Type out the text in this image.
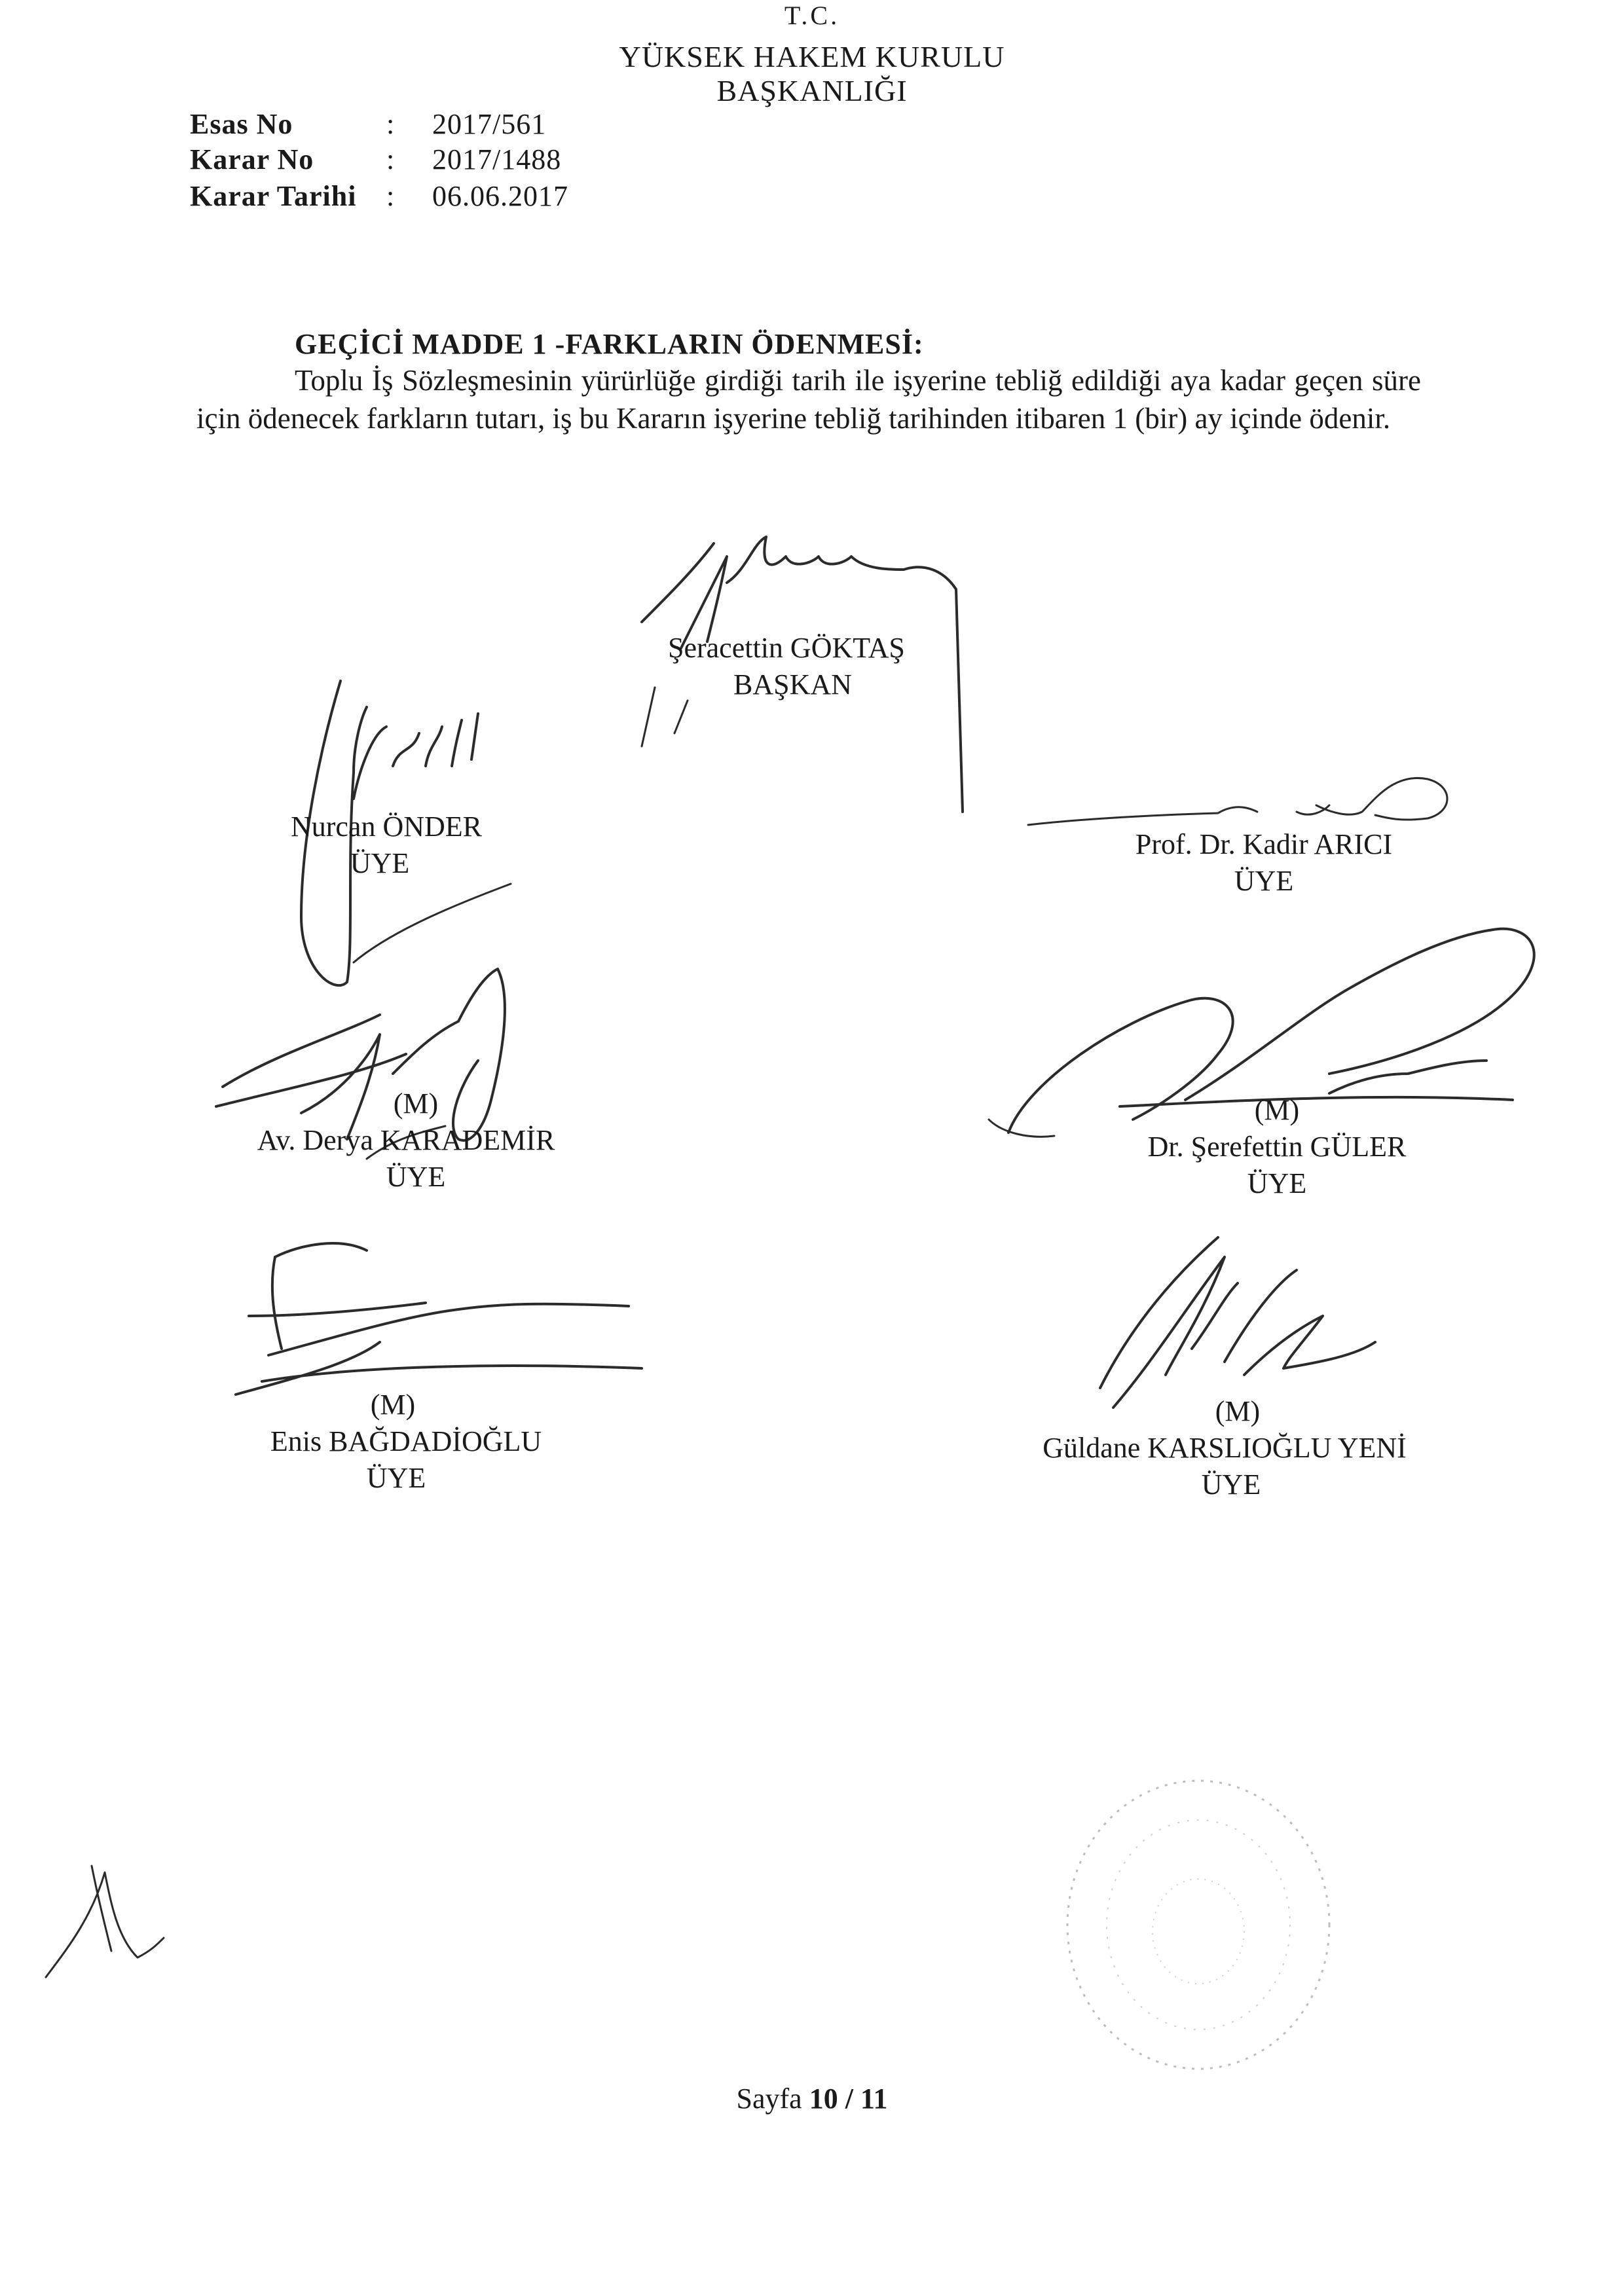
T.C.
YÜKSEK HAKEM KURULU
BAŞKANLIĞI
Esas No	: 2017/561
Karar No	: 2017/1488
Karar Tarihi : 06.06.2017
GEÇİCİ MADDE 1 -FARKLARIN ÖDENMESİ:
Toplu İş Sözleşmesinin yürürlüğe girdiği tarih ile işyerine tebliğ edildiği aya kadar geçen süre için ödenecek farkların tutarı, iş bu Kararın işyerine tebliğ tarihinden itibaren 1 (bir) ay içinde ödenir.
Şeracettin GÖKTAŞ
BAŞKAN
Nurcan ÖNDER
ÜYE
Prof. Dr. Kadir ARICI
ÜYE
(M)
Av. Derya KARADEMİR
ÜYE
(M)
Dr. Şerefettin GÜLER
ÜYE
(M)
Enis BAĞDADİOĞLU
ÜYE
(M)
Güldane KARSLIOĞLU YENİ
ÜYE
Sayfa 10 / 11
